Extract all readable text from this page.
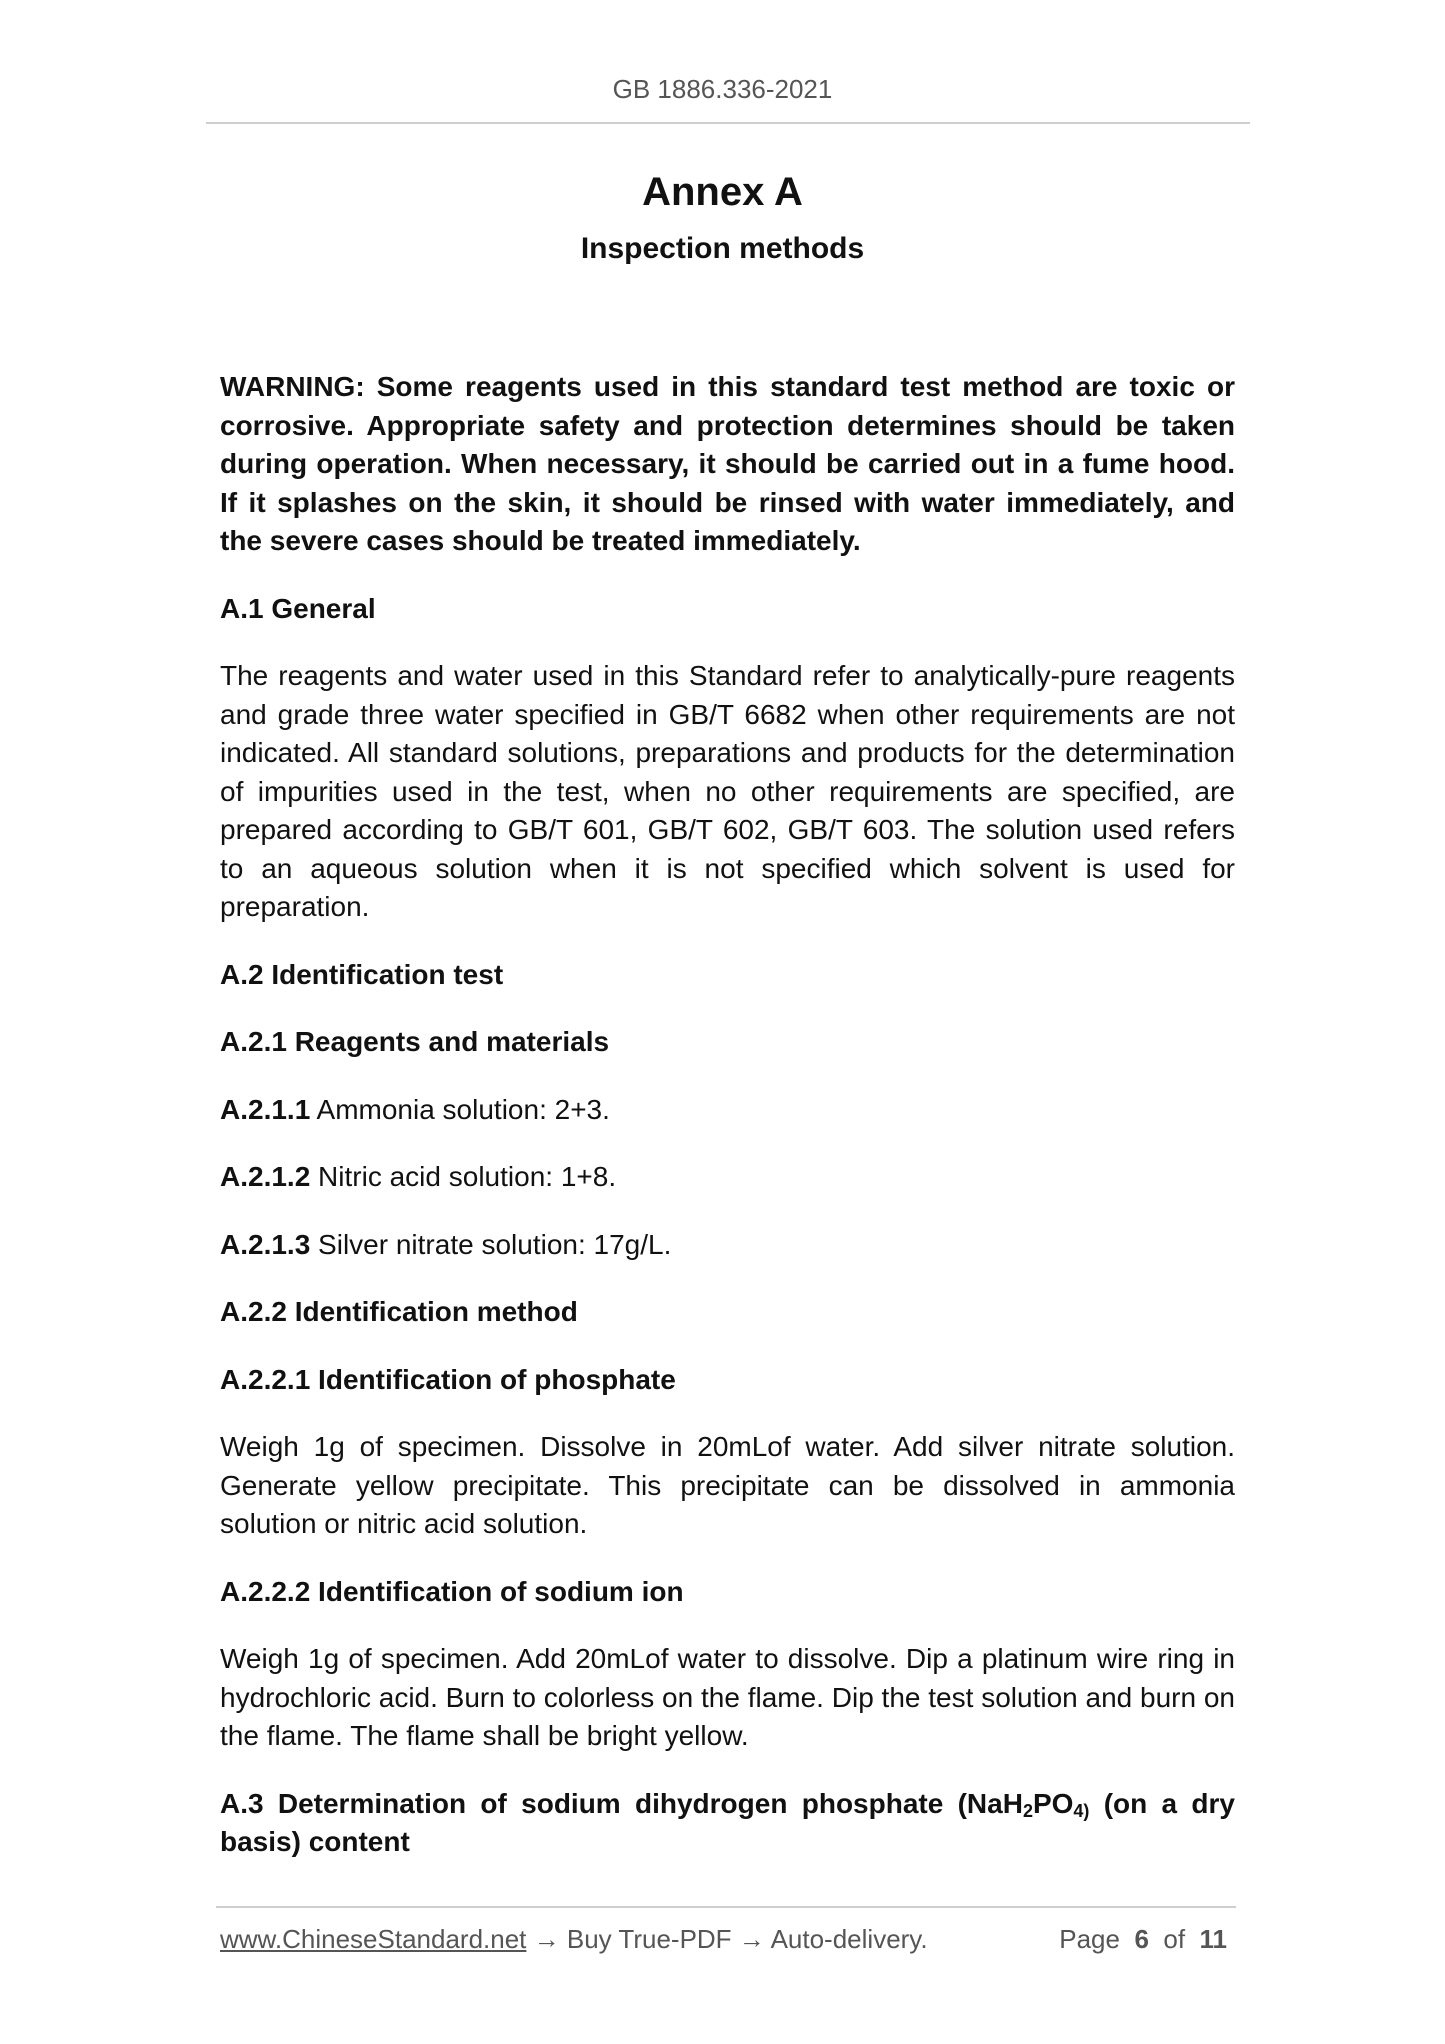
GB 1886.336-2021
Annex A
Inspection methods

WARNING: Some reagents used in this standard test method are toxic or corrosive. Appropriate safety and protection determines should be taken during operation. When necessary, it should be carried out in a fume hood. If it splashes on the skin, it should be rinsed with water immediately, and the severe cases should be treated immediately.

A.1 General

The reagents and water used in this Standard refer to analytically-pure reagents and grade three water specified in GB/T 6682 when other requirements are not indicated. All standard solutions, preparations and products for the determination of impurities used in the test, when no other requirements are specified, are prepared according to GB/T 601, GB/T 602, GB/T 603. The solution used refers to an aqueous solution when it is not specified which solvent is used for preparation.

A.2 Identification test

A.2.1 Reagents and materials

A.2.1.1 Ammonia solution: 2+3.

A.2.1.2 Nitric acid solution: 1+8.

A.2.1.3 Silver nitrate solution: 17g/L.

A.2.2 Identification method

A.2.2.1 Identification of phosphate

Weigh 1g of specimen. Dissolve in 20mLof water. Add silver nitrate solution. Generate yellow precipitate. This precipitate can be dissolved in ammonia solution or nitric acid solution.

A.2.2.2 Identification of sodium ion

Weigh 1g of specimen. Add 20mLof water to dissolve. Dip a platinum wire ring in hydrochloric acid. Burn to colorless on the flame. Dip the test solution and burn on the flame. The flame shall be bright yellow.

A.3 Determination of sodium dihydrogen phosphate ($NaH_2PO_{4)}$ (on a dry basis) content

www.ChineseStandard.net → Buy True-PDF → Auto-delivery.	Page 6 of 11
